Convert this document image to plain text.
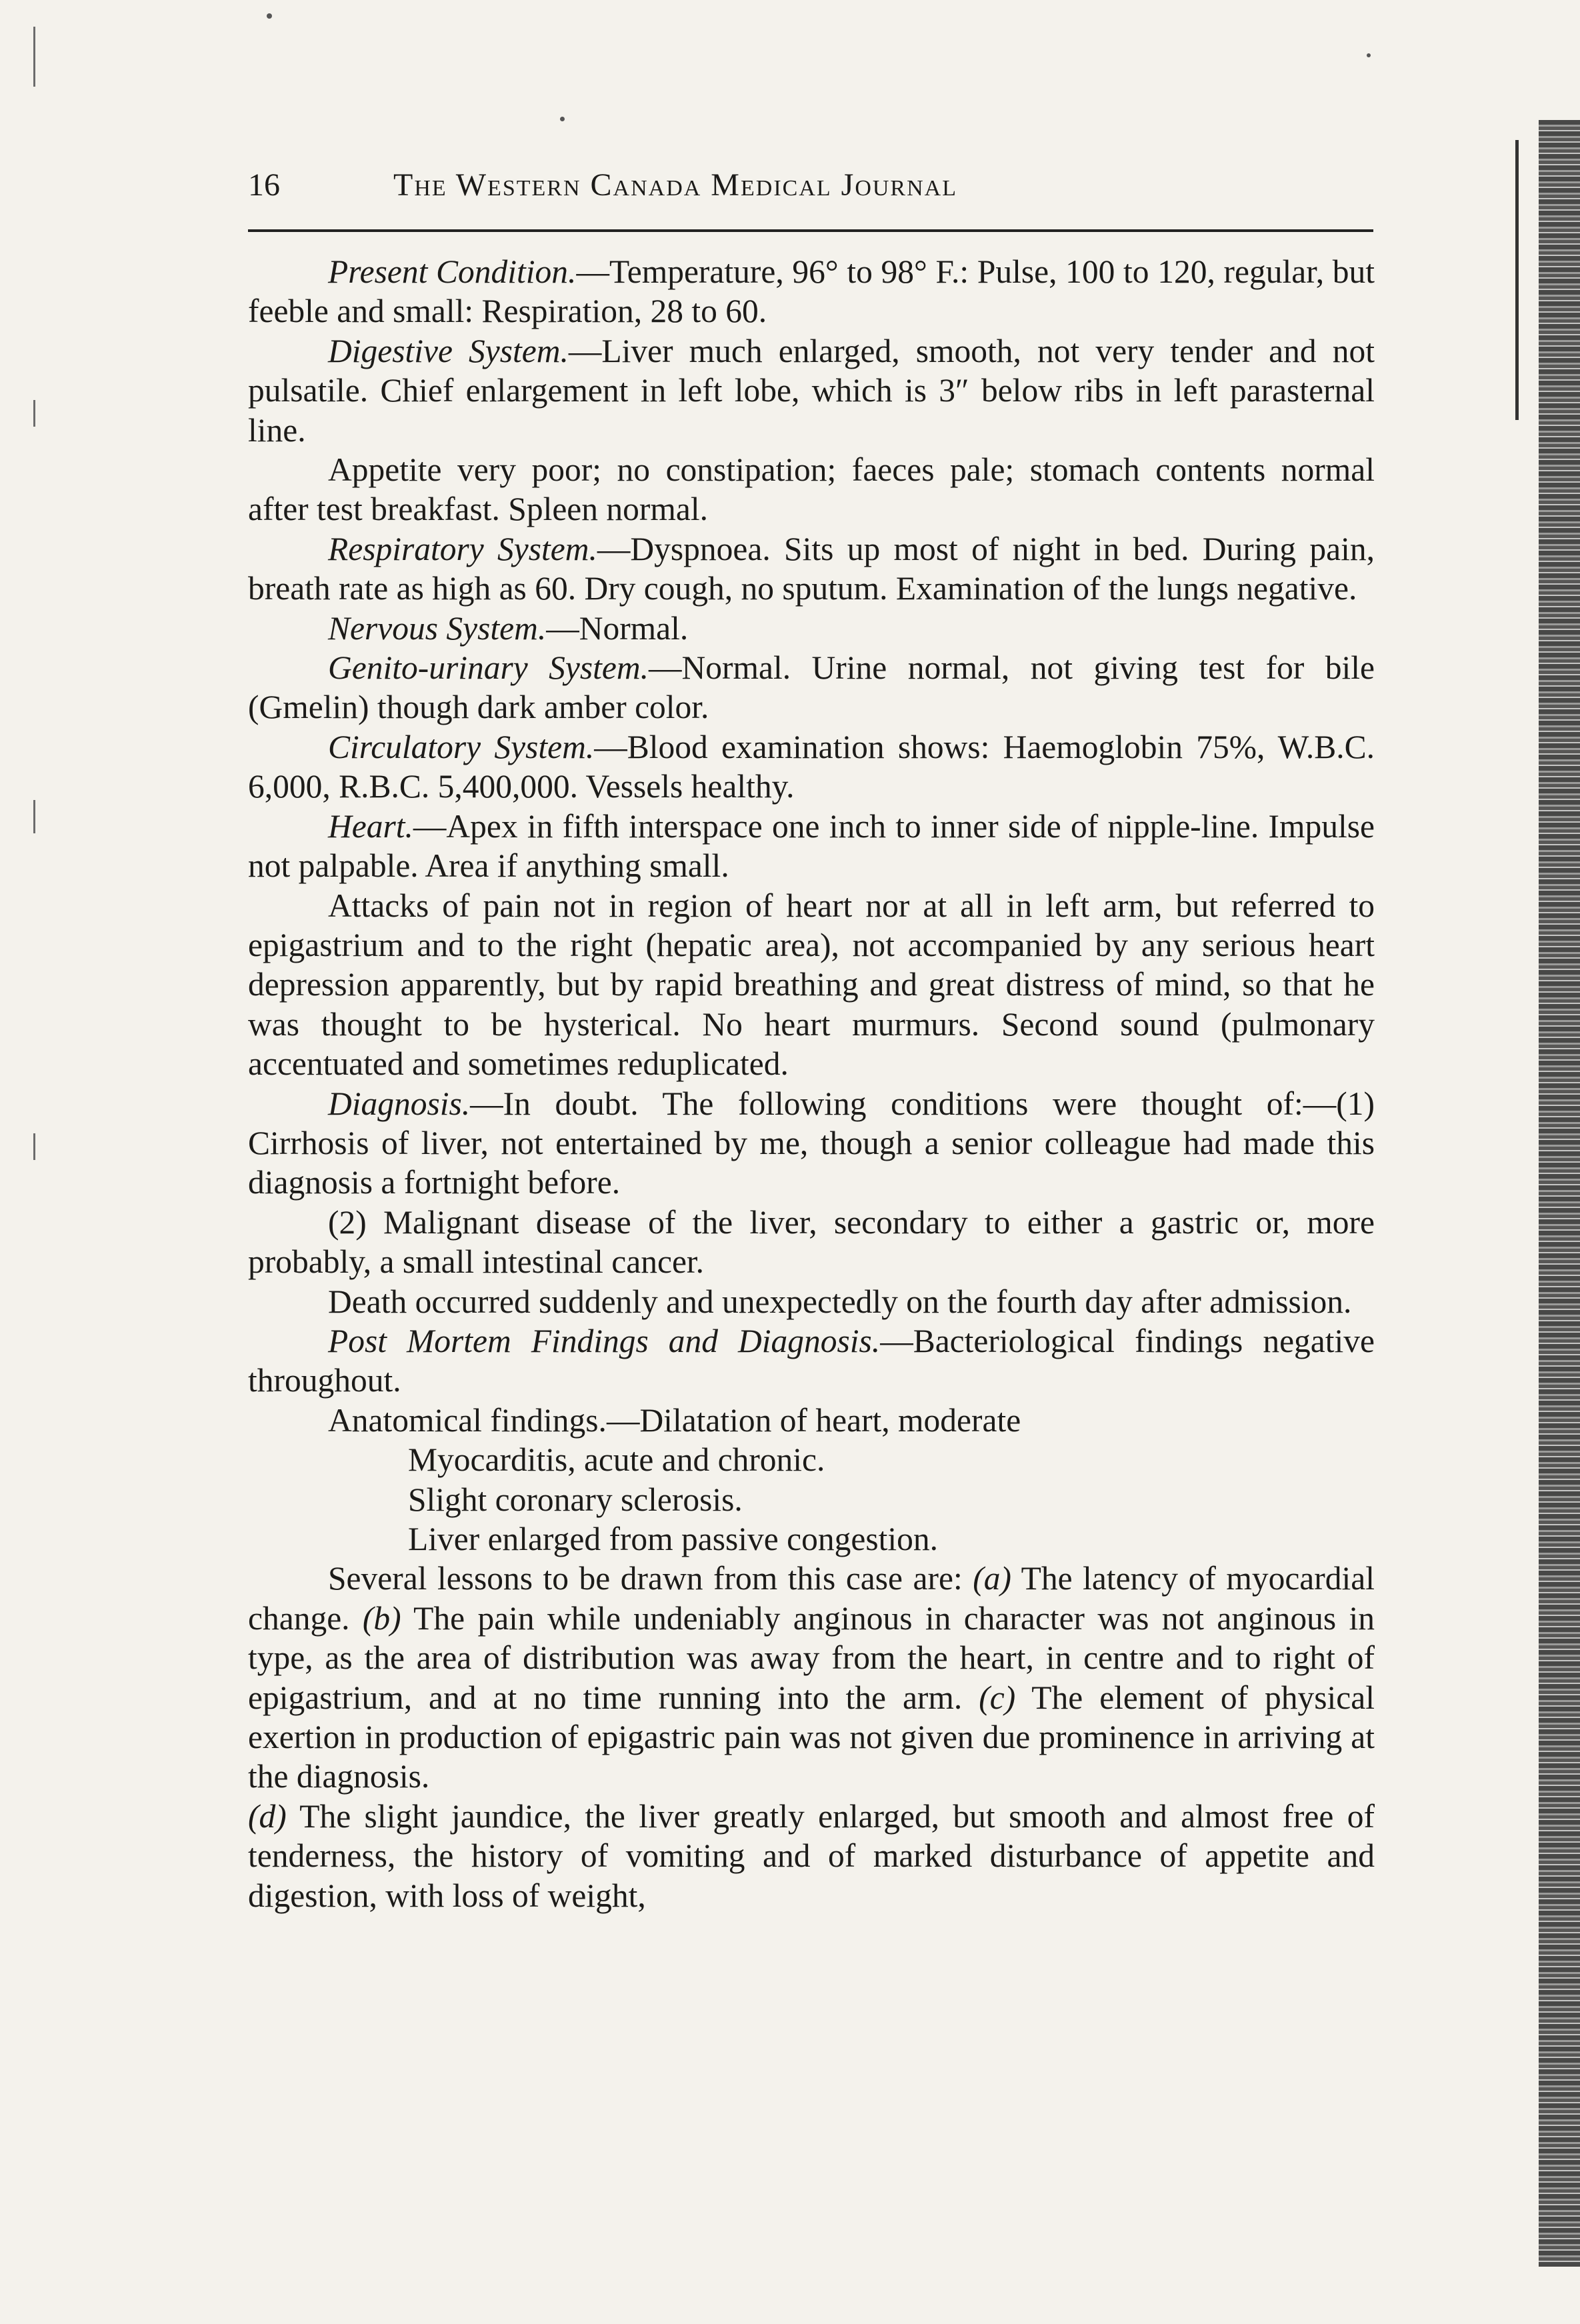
16	The Western Canada Medical Journal

Present Condition.—Temperature, 96° to 98° F.: Pulse, 100 to 120, regular, but feeble and small: Respiration, 28 to 60.

Digestive System.—Liver much enlarged, smooth, not very tender and not pulsatile. Chief enlargement in left lobe, which is 3″ below ribs in left parasternal line.

Appetite very poor; no constipation; faeces pale; stomach contents normal after test breakfast. Spleen normal.

Respiratory System.—Dyspnoea. Sits up most of night in bed. During pain, breath rate as high as 60. Dry cough, no sputum. Examination of the lungs negative.

Nervous System.—Normal.

Genito-urinary System.—Normal. Urine normal, not giving test for bile (Gmelin) though dark amber color.

Circulatory System.—Blood examination shows: Haemoglobin 75%, W.B.C. 6,000, R.B.C. 5,400,000. Vessels healthy.

Heart.—Apex in fifth interspace one inch to inner side of nipple-line. Impulse not palpable. Area if anything small.

Attacks of pain not in region of heart nor at all in left arm, but referred to epigastrium and to the right (hepatic area), not accompanied by any serious heart depression apparently, but by rapid breathing and great distress of mind, so that he was thought to be hysterical. No heart murmurs. Second sound (pulmonary accentuated and sometimes reduplicated.

Diagnosis.—In doubt. The following conditions were thought of:—(1) Cirrhosis of liver, not entertained by me, though a senior colleague had made this diagnosis a fortnight before.

(2) Malignant disease of the liver, secondary to either a gastric or, more probably, a small intestinal cancer.

Death occurred suddenly and unexpectedly on the fourth day after admission.

Post Mortem Findings and Diagnosis.—Bacteriological findings negative throughout.

Anatomical findings.—Dilatation of heart, moderate

Myocarditis, acute and chronic.

Slight coronary sclerosis.

Liver enlarged from passive congestion.

Several lessons to be drawn from this case are: (a) The latency of myocardial change. (b) The pain while undeniably anginous in character was not anginous in type, as the area of distribution was away from the heart, in centre and to right of epigastrium, and at no time running into the arm. (c) The element of physical exertion in production of epigastric pain was not given due prominence in arriving at the diagnosis.

(d) The slight jaundice, the liver greatly enlarged, but smooth and almost free of tenderness, the history of vomiting and of marked disturbance of appetite and digestion, with loss of weight,
